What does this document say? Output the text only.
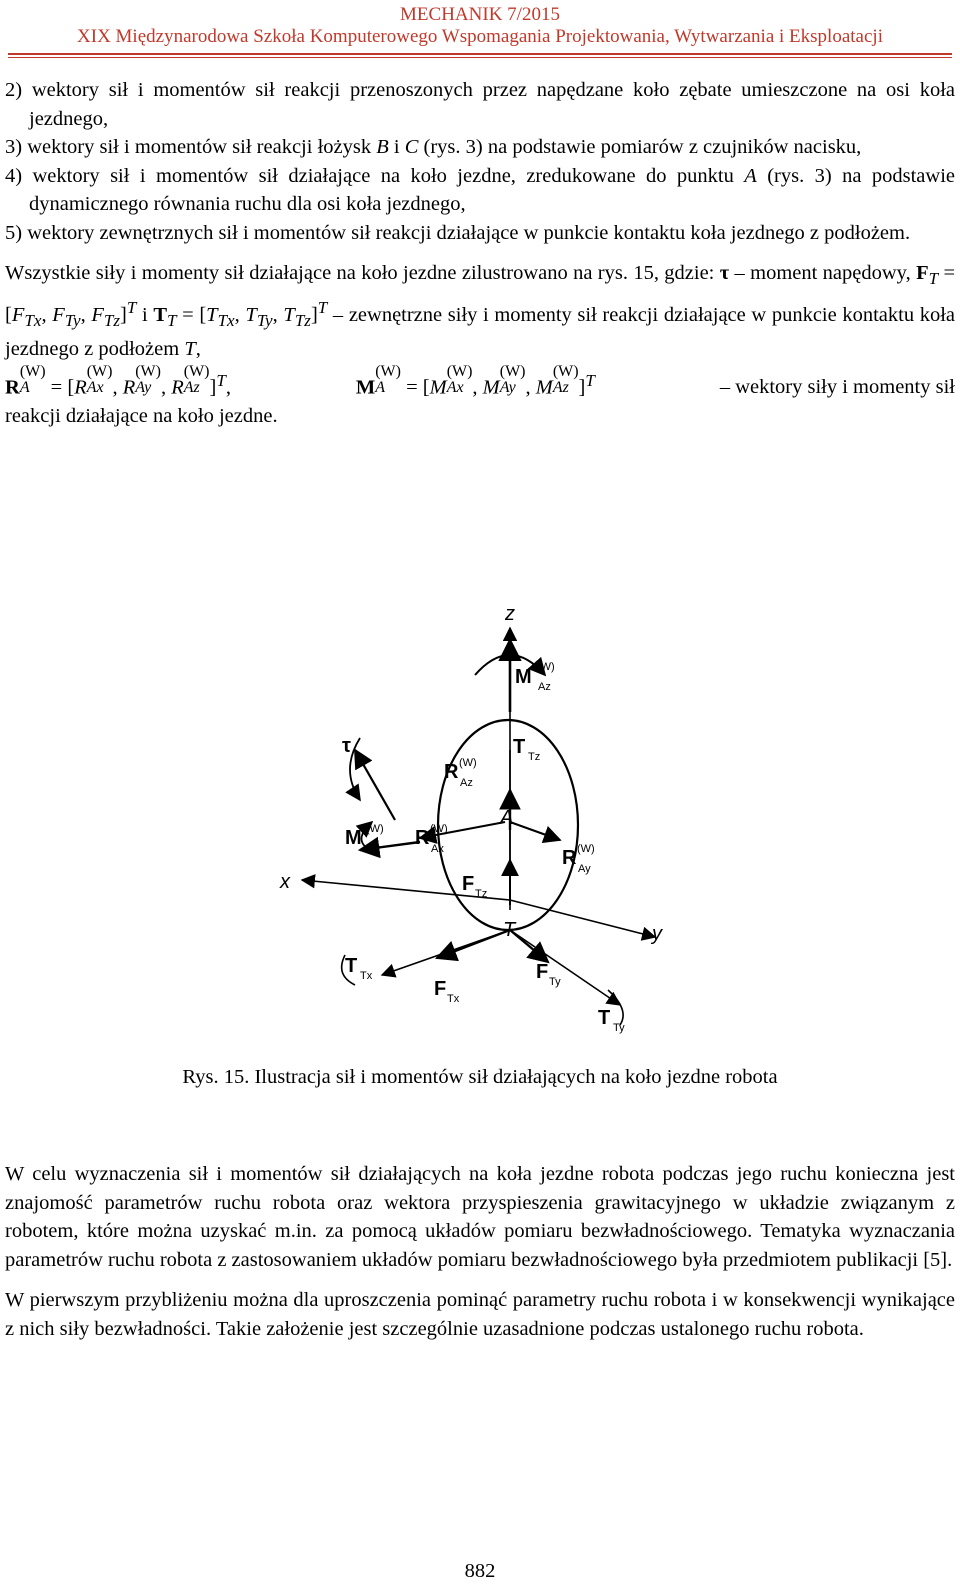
MECHANIK 7/2015
XIX Międzynarodowa Szkoła Komputerowego Wspomagania Projektowania, Wytwarzania i Eksploatacji

2) wektory sił i momentów sił reakcji przenoszonych przez napędzane koło zębate umieszczone na osi koła jezdnego,

3) wektory sił i momentów sił reakcji łożysk B i C (rys. 3) na podstawie pomiarów z czujników nacisku,

4) wektory sił i momentów sił działające na koło jezdne, zredukowane do punktu A (rys. 3) na podstawie dynamicznego równania ruchu dla osi koła jezdnego,

5) wektory zewnętrznych sił i momentów sił reakcji działające w punkcie kontaktu koła jezdnego z podłożem.

Wszystkie siły i momenty sił działające na koło jezdne zilustrowano na rys. 15, gdzie: τ – moment napędowy, $F_T = [F_{Tx}$, $F_{Ty}$, $F_{Tz}]^T$ i $T_T = [T_{Tx}$, $T_{Ty}$, $T_{Tz}]^T$ – zewnętrzne siły i momenty sił reakcji działające w punkcie kontaktu koła jezdnego z podłożem T,

R
(W)
A = [R
(W)
Ax , R
(W)
Ay , R
(W)
Az ]$^T$,	M
(W)
A = [M
(W)
Ax , M
(W)
Ay , M
(W)
Az ]$^T$	– wektory siły i momenty sił

reakcji działające na koło jezdne.

z
x
y
A
T
τ
M (W)
Az
T Tz
R (W)
Az
M (W)
Ax R (W)
Ax	R (W)
Ay
F Tz
T Tx
F Tx
F Ty
T Ty
Rys. 15. Ilustracja sił i momentów sił działających na koło jezdne robota

W celu wyznaczenia sił i momentów sił działających na koła jezdne robota podczas jego ruchu konieczna jest znajomość parametrów ruchu robota oraz wektora przyspieszenia grawitacyjnego w układzie związanym z robotem, które można uzyskać m.in. za pomocą układów pomiaru bezwładnościowego. Tematyka wyznaczania parametrów ruchu robota z zastosowaniem układów pomiaru bezwładnościowego była przedmiotem publikacji [5].

W pierwszym przybliżeniu można dla uproszczenia pominąć parametry ruchu robota i w konsekwencji wynikające z nich siły bezwładności. Takie założenie jest szczególnie uzasadnione podczas ustalonego ruchu robota.

882
